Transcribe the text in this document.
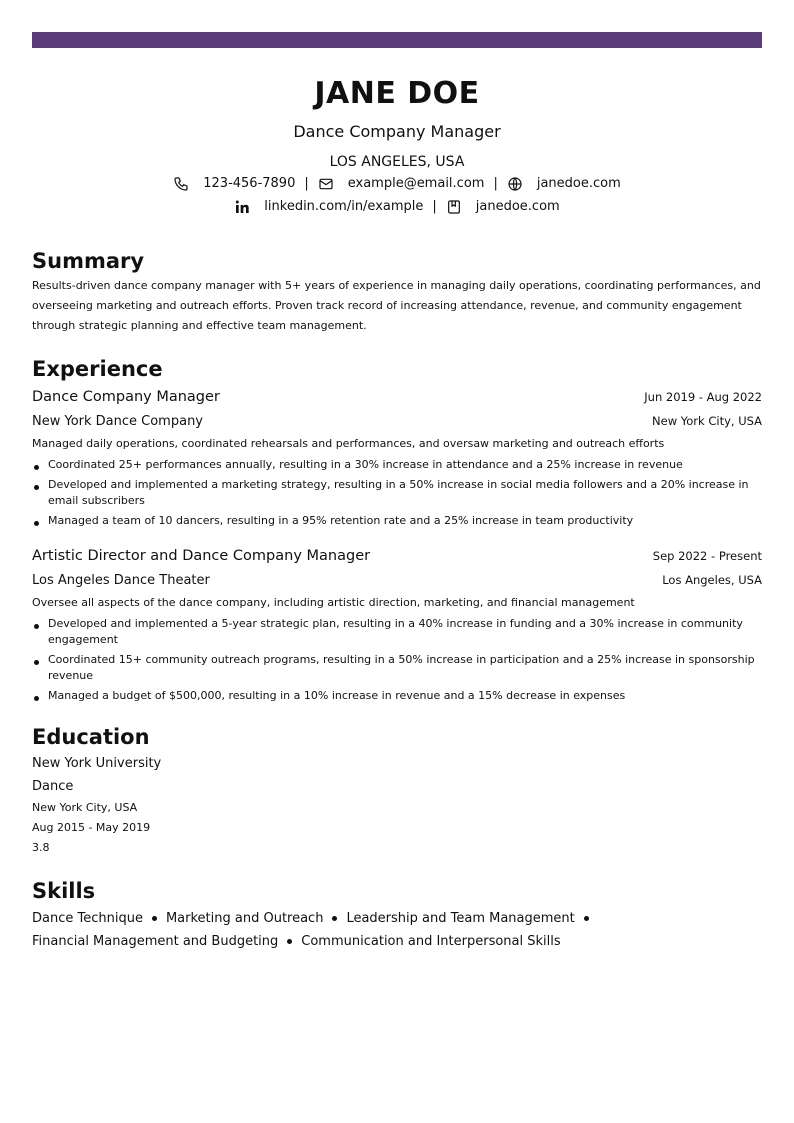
JANE DOE
Dance Company Manager
LOS ANGELES, USA
123-456-7890 |	example@email.com |	janedoe.com
linkedin.com/in/example |	janedoe.com
Summary
Results-driven dance company manager with 5+ years of experience in managing daily operations, coordinating performances, and overseeing marketing and outreach efforts. Proven track record of increasing attendance, revenue, and community engagement through strategic planning and effective team management.
Experience
Dance Company Manager	Jun 2019 - Aug 2022
New York Dance Company	New York City, USA
Managed daily operations, coordinated rehearsals and performances, and oversaw marketing and outreach efforts
Coordinated 25+ performances annually, resulting in a 30% increase in attendance and a 25% increase in revenue
Developed and implemented a marketing strategy, resulting in a 50% increase in social media followers and a 20% increase in email subscribers
Managed a team of 10 dancers, resulting in a 95% retention rate and a 25% increase in team productivity
Artistic Director and Dance Company Manager	Sep 2022 - Present
Los Angeles Dance Theater	Los Angeles, USA
Oversee all aspects of the dance company, including artistic direction, marketing, and financial management
Developed and implemented a 5-year strategic plan, resulting in a 40% increase in funding and a 30% increase in community engagement
Coordinated 15+ community outreach programs, resulting in a 50% increase in participation and a 25% increase in sponsorship revenue
Managed a budget of $500,000, resulting in a 10% increase in revenue and a 15% decrease in expenses
Education
New York University
Dance
New York City, USA
Aug 2015 - May 2019
3.8
Skills
Dance Technique Marketing and Outreach Leadership and Team Management
Financial Management and Budgeting Communication and Interpersonal Skills
